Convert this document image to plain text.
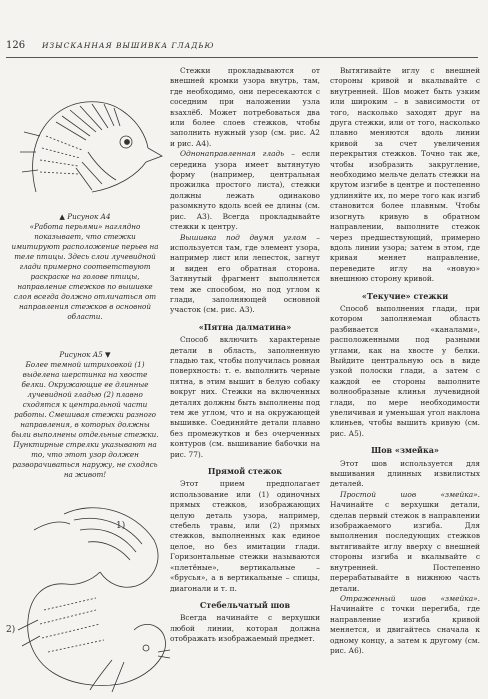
126 ИЗЫСКАННАЯ ВЫШИВКА ГЛАДЬЮ
▲ Рисунок А4
«Работа перьями» наглядно показывает, что стежки имитируют расположение перьев на теле птицы. Здесь слои лучевидной глади примерно соответствуют раскраске на голове птицы, направление стежков по вышивке слоя всегда должно отличаться от направления стежков в основной области.
Рисунок А5 ▼
Более темной штриховкой (1) выделена шерстинка на хвосте белки. Окружающие ее длинные лучевидной гладью (2) плавно сходятся к центральной части работы. Смешивая стежки разного направления, в которых должны были выполнены отдельные стежки. Пунктирные стрелки указывают на то, что этот узор должен разворачиваться наружу, не сходясь на живот!
2)
1)

Стежки прокладываются от внешней кромки узора внутрь, там, где необходимо, они пересекаются с соседним при наложении узла взахлёб. Может потребоваться два или более слоев стежков, чтобы заполнить нужный узор (см. рис. А2 и рис. А4).

Однонаправленная гладь – если середина узора имеет вытянутую форму (например, центральная прожилка простого листа), стежки должны лежать одинаково разомкнуто вдоль всей ее длины (см. рис. А3). Всегда прокладывайте стежки к центру.

Вышивка под двумя углом – используется там, где элемент узора, например лист или лепесток, загнут и виден его обратная сторона. Затянутый фрагмент выполняется тем же способом, но под углом к глади, заполняющей основной участок (см. рис. А3).

«Пятна далматина»

Способ включить характерные детали в область, заполненную гладью так, чтобы получилась ровная поверхность: т. е. выполнить черные пятна, в этим вышит в белую собаку вокруг них. Стежки на включенных деталях должны быть выполнены под тем же углом, что и на окружающей вышивке. Соединяйте детали плавно без промежутков и без очерченных контуров (см. вышивание бабочки на рис. 77).

Прямой стежок

Этот прием предполагает использование или (1) одиночных прямых стежков, изображающих целую деталь узора, например, стебель травы, или (2) прямых стежков, выполненных как единое целое, но без имитации глади. Горизонтальные стежки называются «плетёные», вертикальные – «брусья», а в вертикальные – спицы, диагонали и т. п.

Стебельчатый шов

Всегда начинайте с верхушки любой линии, которая должна отображать изображаемый предмет.

Вытягивайте иглу с внешней стороны кривой и вкалывайте с внутренней. Шов может быть узким или широким – в зависимости от того, насколько заходят друг на друга стежки, или от того, насколько плавно меняются вдоль линии кривой за счет увеличения перекрытия стежков. Точно так же, чтобы изобразить закругление, необходимо мельче делать стежки на крутом изгибе в центре и постепенно удлиняйте их, по мере того как изгиб становится более плавным. Чтобы изогнуть кривую в обратном направлении, выполните стежок через предшествующий, примерно вдоль линии узора; затем в этом, где кривая меняет направление, переведите иглу на «новую» внешнюю сторону кривой.

«Текучие» стежки

Способ выполнения глади, при котором заполняемая область разбивается «каналами», расположенными под разными углами, как на хвосте у белки. Выйдите центральную ось в виде узкой полоски глади, а затем с каждой ее стороны выполните волнообразные клинья лучевидной глади, по мере необходимости увеличивая и уменьшая угол наклона клиньев, чтобы вышить кривую (см. рис. А5).

Шов «змейка»

Этот шов используется для вышивания длинных извилистых деталей.

Простой шов «змейка». Начинайте с верхушки детали, сделав первый стежок в направлении изображаемого изгиба. Для выполнения последующих стежков вытягивайте иглу вверху с внешней стороны изгиба и вкалывайте с внутренней. Постепенно перерабатывайте в нижнюю часть детали.

Отраженный шов «змейка». Начинайте с точки перегиба, где направление изгиба кривой меняется, и двигайтесь сначала к одному концу, а затем к другому (см. рис. А6).
